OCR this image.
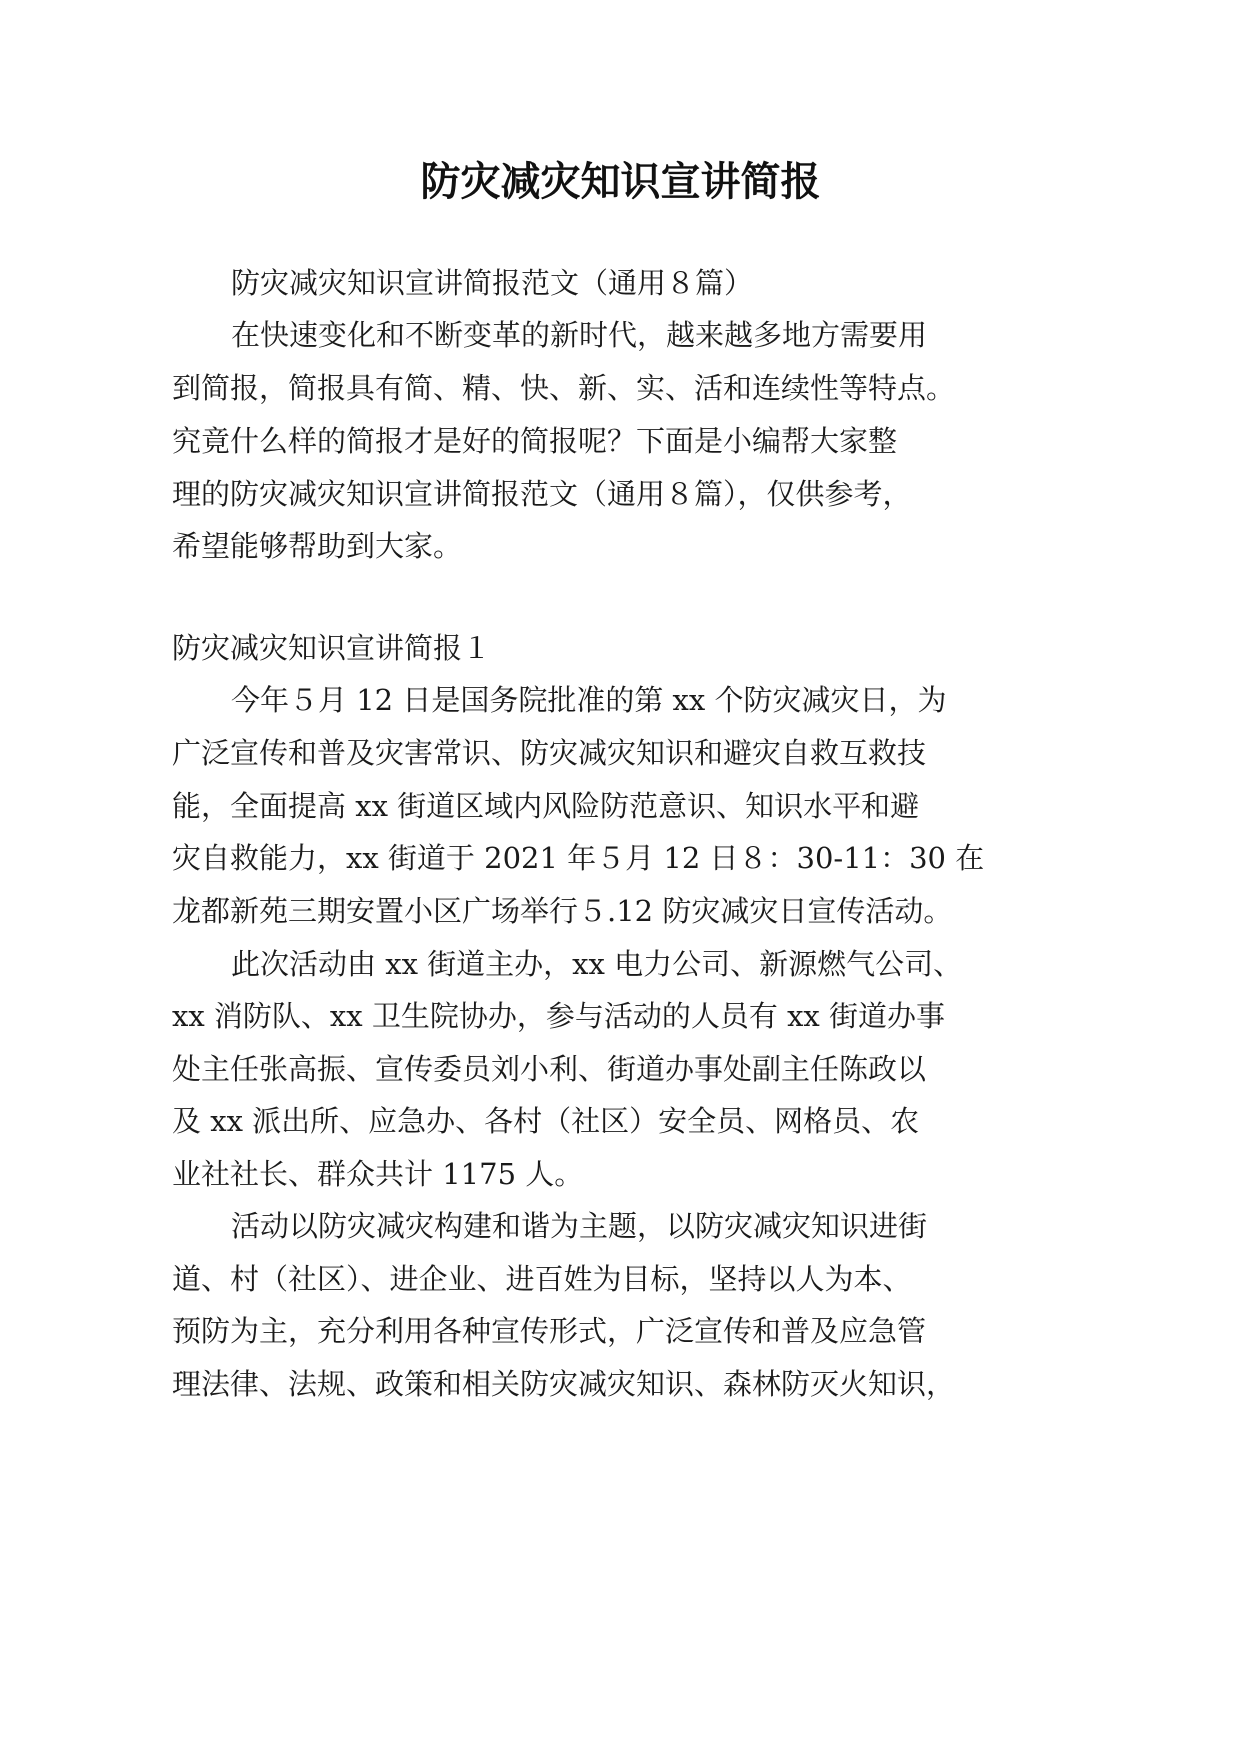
防灾减灾知识宣讲简报
防灾减灾知识宣讲简报范文（通用８篇）
在快速变化和不断变革的新时代，越来越多地方需要用
到简报，简报具有简、精、快、新、实、活和连续性等特点。
究竟什么样的简报才是好的简报呢？下面是小编帮大家整
理的防灾减灾知识宣讲简报范文（通用８篇），仅供参考，
希望能够帮助到大家。
防灾减灾知识宣讲简报１
今年５月 12 日是国务院批准的第 xx 个防灾减灾日，为
广泛宣传和普及灾害常识、防灾减灾知识和避灾自救互救技
能，全面提高 xx 街道区域内风险防范意识、知识水平和避
灾自救能力，xx 街道于 2021 年５月 12 日８：30-11：30 在
龙都新苑三期安置小区广场举行５.12 防灾减灾日宣传活动。
此次活动由 xx 街道主办，xx 电力公司、新源燃气公司、
xx 消防队、xx 卫生院协办，参与活动的人员有 xx 街道办事
处主任张高振、宣传委员刘小利、街道办事处副主任陈政以
及 xx 派出所、应急办、各村（社区）安全员、网格员、农
业社社长、群众共计 1175 人。
活动以防灾减灾构建和谐为主题，以防灾减灾知识进街
道、村（社区）、进企业、进百姓为目标，坚持以人为本、
预防为主，充分利用各种宣传形式，广泛宣传和普及应急管
理法律、法规、政策和相关防灾减灾知识、森林防灭火知识，
